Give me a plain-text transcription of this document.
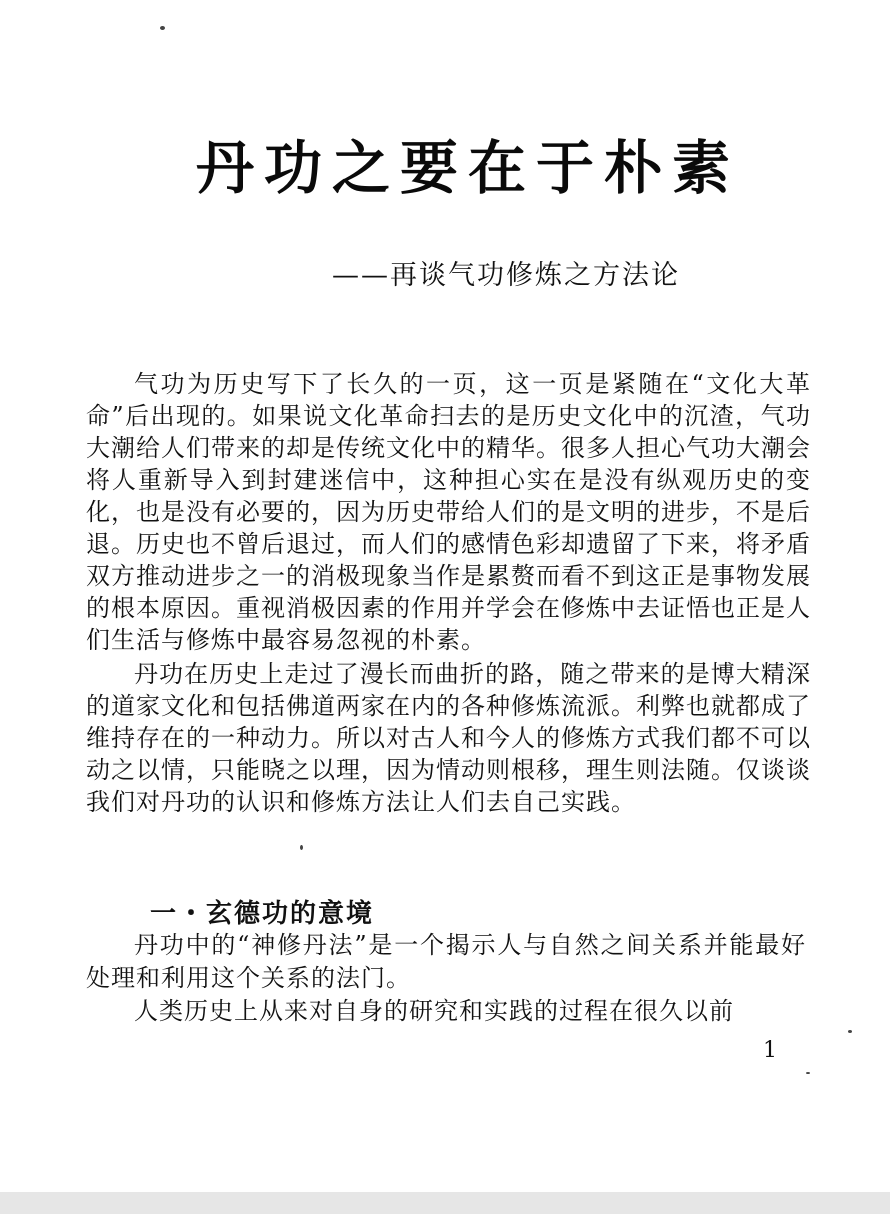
丹功之要在于朴素
——再谈气功修炼之方法论

气功为历史写下了长久的一页，这一页是紧随在“文化大革命”后出现的。如果说文化革命扫去的是历史文化中的沉渣，气功大潮给人们带来的却是传统文化中的精华。很多人担心气功大潮会将人重新导入到封建迷信中，这种担心实在是没有纵观历史的变化，也是没有必要的，因为历史带给人们的是文明的进步，不是后退。历史也不曾后退过，而人们的感情色彩却遗留了下来，将矛盾双方推动进步之一的消极现象当作是累赘而看不到这正是事物发展的根本原因。重视消极因素的作用并学会在修炼中去证悟也正是人们生活与修炼中最容易忽视的朴素。

丹功在历史上走过了漫长而曲折的路，随之带来的是博大精深的道家文化和包括佛道两家在内的各种修炼流派。利弊也就都成了维持存在的一种动力。所以对古人和今人的修炼方式我们都不可以动之以情，只能晓之以理，因为情动则根移，理生则法随。仅谈谈我们对丹功的认识和修炼方法让人们去自己实践。

一・玄德功的意境

丹功中的“神修丹法”是一个揭示人与自然之间关系并能最好处理和利用这个关系的法门。

人类历史上从来对自身的研究和实践的过程在很久以前

1
